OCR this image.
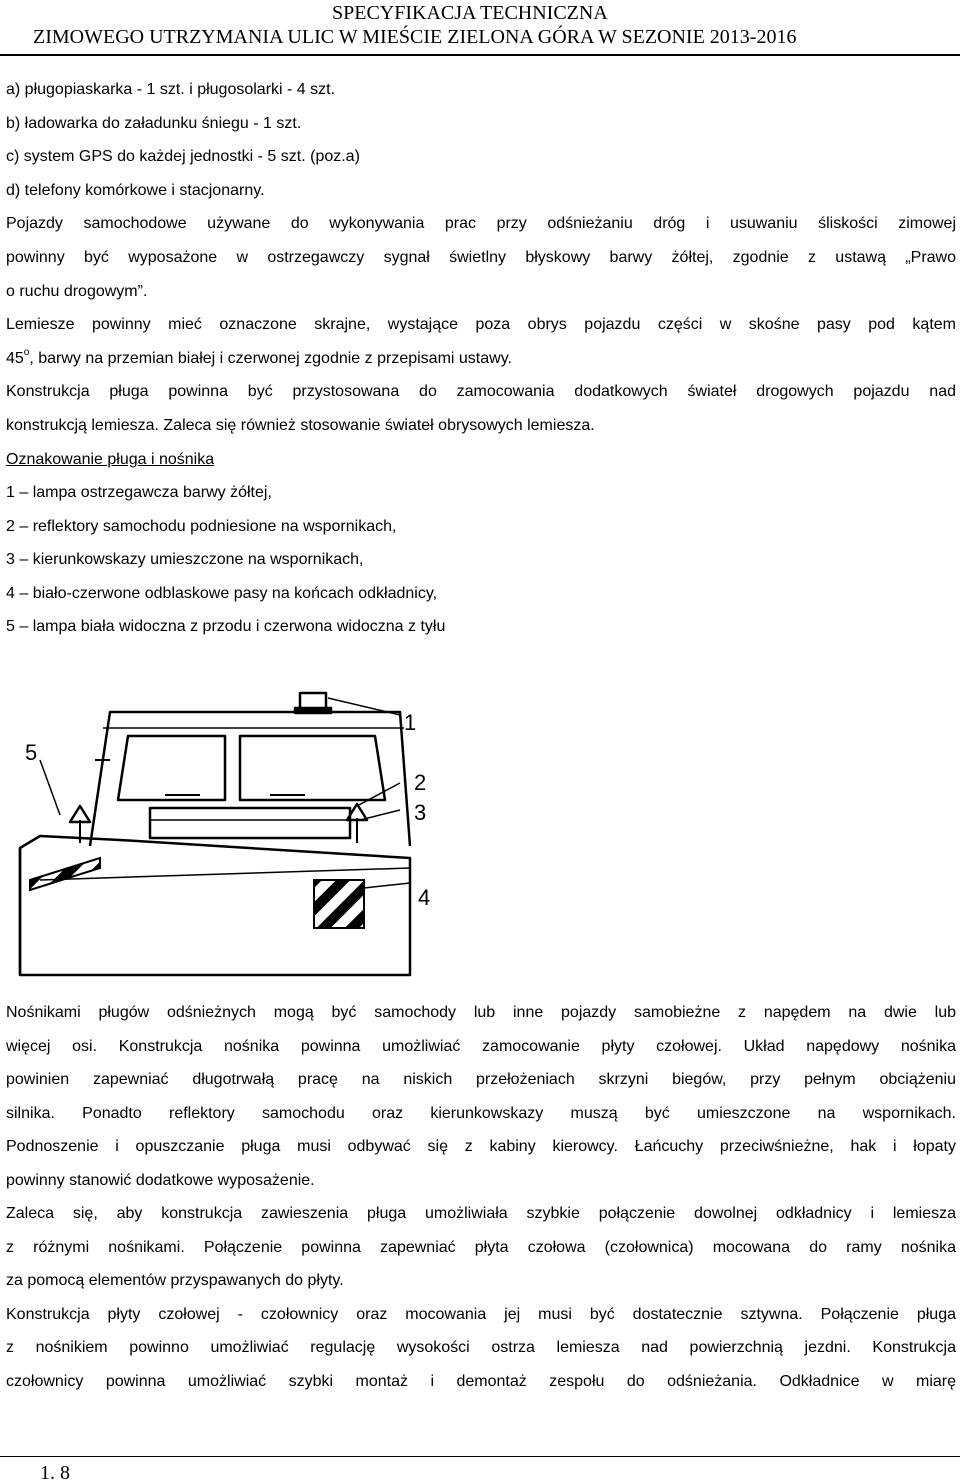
SPECYFIKACJA TECHNICZNA
ZIMOWEGO UTRZYMANIA ULIC W MIEŚCIE ZIELONA GÓRA W SEZONIE 2013-2016
a) pługopiaskarka - 1 szt. i pługosolarki - 4 szt.
b) ładowarka do załadunku śniegu - 1 szt.
c) system GPS do każdej jednostki - 5 szt. (poz.a)
d) telefony komórkowe i stacjonarny.
Pojazdy samochodowe używane do wykonywania prac przy odśnieżaniu dróg i usuwaniu śliskości zimowej
powinny być wyposażone w ostrzegawczy sygnał świetlny błyskowy barwy żółtej, zgodnie z ustawą „Prawo
o ruchu drogowym”.
Lemiesze powinny mieć oznaczone skrajne, wystające poza obrys pojazdu części w skośne pasy pod kątem
45$^o$, barwy na przemian białej i czerwonej zgodnie z przepisami ustawy.
Konstrukcja pługa powinna być przystosowana do zamocowania dodatkowych świateł drogowych pojazdu nad
konstrukcją lemiesza. Zaleca się również stosowanie świateł obrysowych lemiesza.
Oznakowanie pługa i nośnika
1 – lampa ostrzegawcza barwy żółtej,
2 – reflektory samochodu podniesione na wspornikach,
3 – kierunkowskazy umieszczone na wspornikach,
4 – biało-czerwone odblaskowe pasy na końcach odkładnicy,
5 – lampa biała widoczna z przodu i czerwona widoczna z tyłu
1
2
3
4
5
Nośnikami pługów odśnieżnych mogą być samochody lub inne pojazdy samobieżne z napędem na dwie lub
więcej osi. Konstrukcja nośnika powinna umożliwiać zamocowanie płyty czołowej. Układ napędowy nośnika
powinien zapewniać długotrwałą pracę na niskich przełożeniach skrzyni biegów, przy pełnym obciążeniu
silnika. Ponadto reflektory samochodu oraz kierunkowskazy muszą być umieszczone na wspornikach.
Podnoszenie i opuszczanie pługa musi odbywać się z kabiny kierowcy. Łańcuchy przeciwśnieżne, hak i łopaty
powinny stanowić dodatkowe wyposażenie.
Zaleca się, aby konstrukcja zawieszenia pługa umożliwiała szybkie połączenie dowolnej odkładnicy i lemiesza
z różnymi nośnikami. Połączenie powinna zapewniać płyta czołowa (czołownica) mocowana do ramy nośnika
za pomocą elementów przyspawanych do płyty.
Konstrukcja płyty czołowej - czołownicy oraz mocowania jej musi być dostatecznie sztywna. Połączenie pługa
z nośnikiem powinno umożliwiać regulację wysokości ostrza lemiesza nad powierzchnią jezdni. Konstrukcja
czołownicy powinna umożliwiać szybki montaż i demontaż zespołu do odśnieżania. Odkładnice w miarę
1. 8
